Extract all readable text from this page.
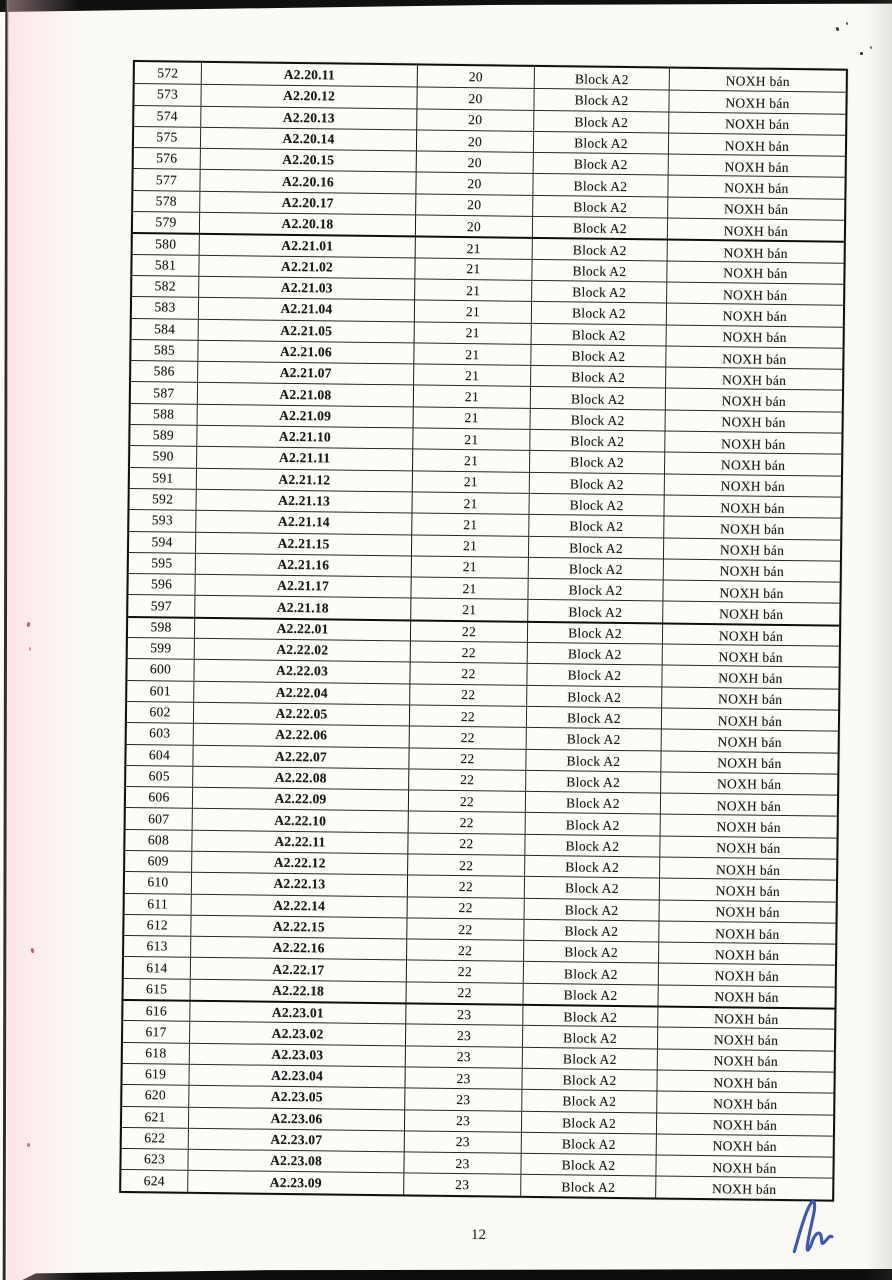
572	A2.20.11	20	Block A2	NOXH bán
573	A2.20.12	20	Block A2	NOXH bán
574	A2.20.13	20	Block A2	NOXH bán
575	A2.20.14	20	Block A2	NOXH bán
576	A2.20.15	20	Block A2	NOXH bán
577	A2.20.16	20	Block A2	NOXH bán
578	A2.20.17	20	Block A2	NOXH bán
579	A2.20.18	20	Block A2	NOXH bán
580	A2.21.01	21	Block A2	NOXH bán
581	A2.21.02	21	Block A2	NOXH bán
582	A2.21.03	21	Block A2	NOXH bán
583	A2.21.04	21	Block A2	NOXH bán
584	A2.21.05	21	Block A2	NOXH bán
585	A2.21.06	21	Block A2	NOXH bán
586	A2.21.07	21	Block A2	NOXH bán
587	A2.21.08	21	Block A2	NOXH bán
588	A2.21.09	21	Block A2	NOXH bán
589	A2.21.10	21	Block A2	NOXH bán
590	A2.21.11	21	Block A2	NOXH bán
591	A2.21.12	21	Block A2	NOXH bán
592	A2.21.13	21	Block A2	NOXH bán
593	A2.21.14	21	Block A2	NOXH bán
594	A2.21.15	21	Block A2	NOXH bán
595	A2.21.16	21	Block A2	NOXH bán
596	A2.21.17	21	Block A2	NOXH bán
597	A2.21.18	21	Block A2	NOXH bán
598	A2.22.01	22	Block A2	NOXH bán
599	A2.22.02	22	Block A2	NOXH bán
600	A2.22.03	22	Block A2	NOXH bán
601	A2.22.04	22	Block A2	NOXH bán
602	A2.22.05	22	Block A2	NOXH bán
603	A2.22.06	22	Block A2	NOXH bán
604	A2.22.07	22	Block A2	NOXH bán
605	A2.22.08	22	Block A2	NOXH bán
606	A2.22.09	22	Block A2	NOXH bán
607	A2.22.10	22	Block A2	NOXH bán
608	A2.22.11	22	Block A2	NOXH bán
609	A2.22.12	22	Block A2	NOXH bán
610	A2.22.13	22	Block A2	NOXH bán
611	A2.22.14	22	Block A2	NOXH bán
612	A2.22.15	22	Block A2	NOXH bán
613	A2.22.16	22	Block A2	NOXH bán
614	A2.22.17	22	Block A2	NOXH bán
615	A2.22.18	22	Block A2	NOXH bán
616	A2.23.01	23	Block A2	NOXH bán
617	A2.23.02	23	Block A2	NOXH bán
618	A2.23.03	23	Block A2	NOXH bán
619	A2.23.04	23	Block A2	NOXH bán
620	A2.23.05	23	Block A2	NOXH bán
621	A2.23.06	23	Block A2	NOXH bán
622	A2.23.07	23	Block A2	NOXH bán
623	A2.23.08	23	Block A2	NOXH bán
624	A2.23.09	23	Block A2	NOXH bán
12
